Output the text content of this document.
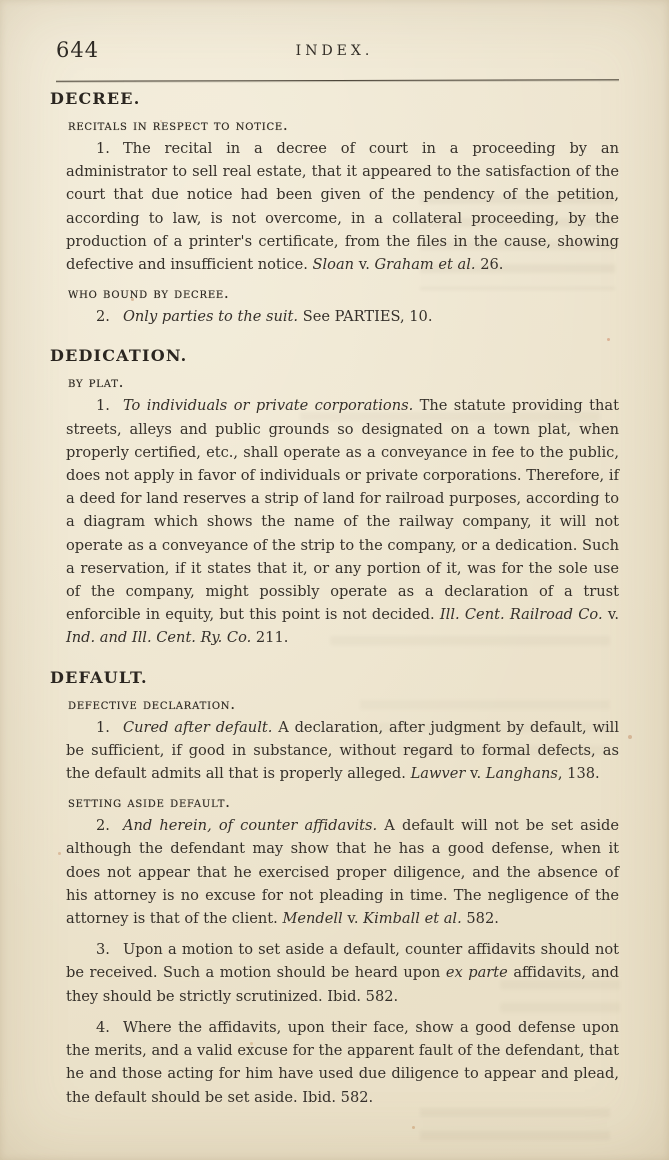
644	INDEX.
DECREE.
recitals in respect to notice.

1. The recital in a decree of court in a proceeding by an administrator to sell real estate, that it appeared to the satisfaction of the court that due notice had been given of the pendency of the petition, according to law, is not overcome, in a collateral proceeding, by the production of a printer's certificate, from the files in the cause, showing defective and insufficient notice. Sloan v. Graham et al. 26.

who bound by decree.

2. Only parties to the suit. See PARTIES, 10.

DEDICATION.
by plat.

1. To individuals or private corporations. The statute providing that streets, alleys and public grounds so designated on a town plat, when properly certified, etc., shall operate as a conveyance in fee to the public, does not apply in favor of individuals or private corporations. Therefore, if a deed for land reserves a strip of land for railroad purposes, according to a diagram which shows the name of the railway company, it will not operate as a conveyance of the strip to the company, or a dedication. Such a reservation, if it states that it, or any portion of it, was for the sole use of the company, might possibly operate as a declaration of a trust enforcible in equity, but this point is not decided. Ill. Cent. Railroad Co. v. Ind. and Ill. Cent. Ry. Co. 211.

DEFAULT.
defective declaration.

1. Cured after default. A declaration, after judgment by default, will be sufficient, if good in substance, without regard to formal defects, as the default admits all that is properly alleged. Lawver v. Langhans, 138.

setting aside default.

2. And herein, of counter affidavits. A default will not be set aside although the defendant may show that he has a good defense, when it does not appear that he exercised proper diligence, and the absence of his attorney is no excuse for not pleading in time. The negligence of the attorney is that of the client. Mendell v. Kimball et al. 582.

3. Upon a motion to set aside a default, counter affidavits should not be received. Such a motion should be heard upon ex parte affidavits, and they should be strictly scrutinized. Ibid. 582.

4. Where the affidavits, upon their face, show a good defense upon the merits, and a valid excuse for the apparent fault of the defendant, that he and those acting for him have used due diligence to appear and plead, the default should be set aside. Ibid. 582.
